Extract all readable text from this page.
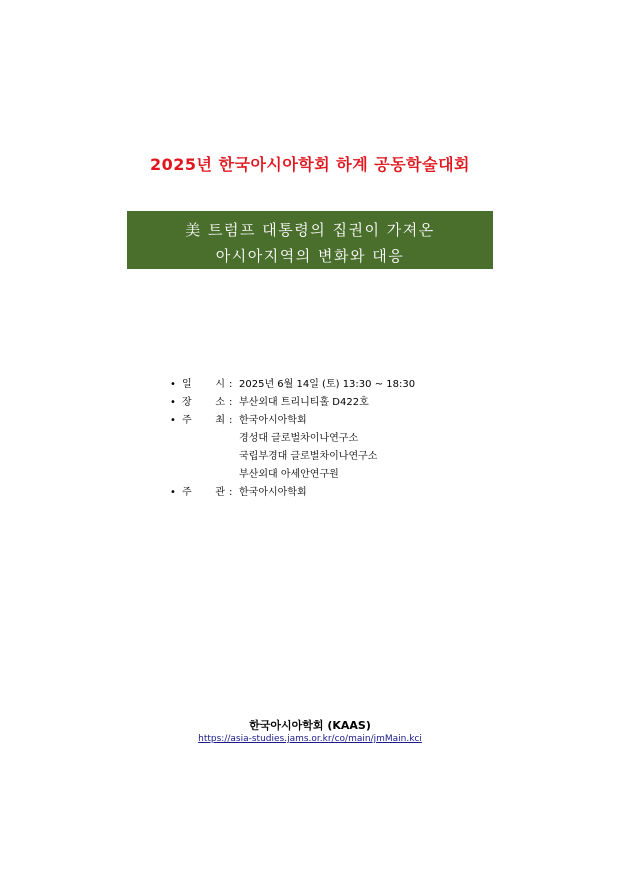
2025년 한국아시아학회 하계 공동학술대회
美 트럼프 대통령의 집권이 가져온
아시아지역의 변화와 대응
• 일 시 : 2025년 6월 14일 (토) 13:30 ~ 18:30
• 장 소 : 부산외대 트리니티홀 D422호
• 주 최 : 한국아시아학회
경성대 글로벌차이나연구소
국립부경대 글로벌차이나연구소
부산외대 아세안연구원
• 주 관 : 한국아시아학회
한국아시아학회 (KAAS)
https://asia-studies.jams.or.kr/co/main/jmMain.kci
